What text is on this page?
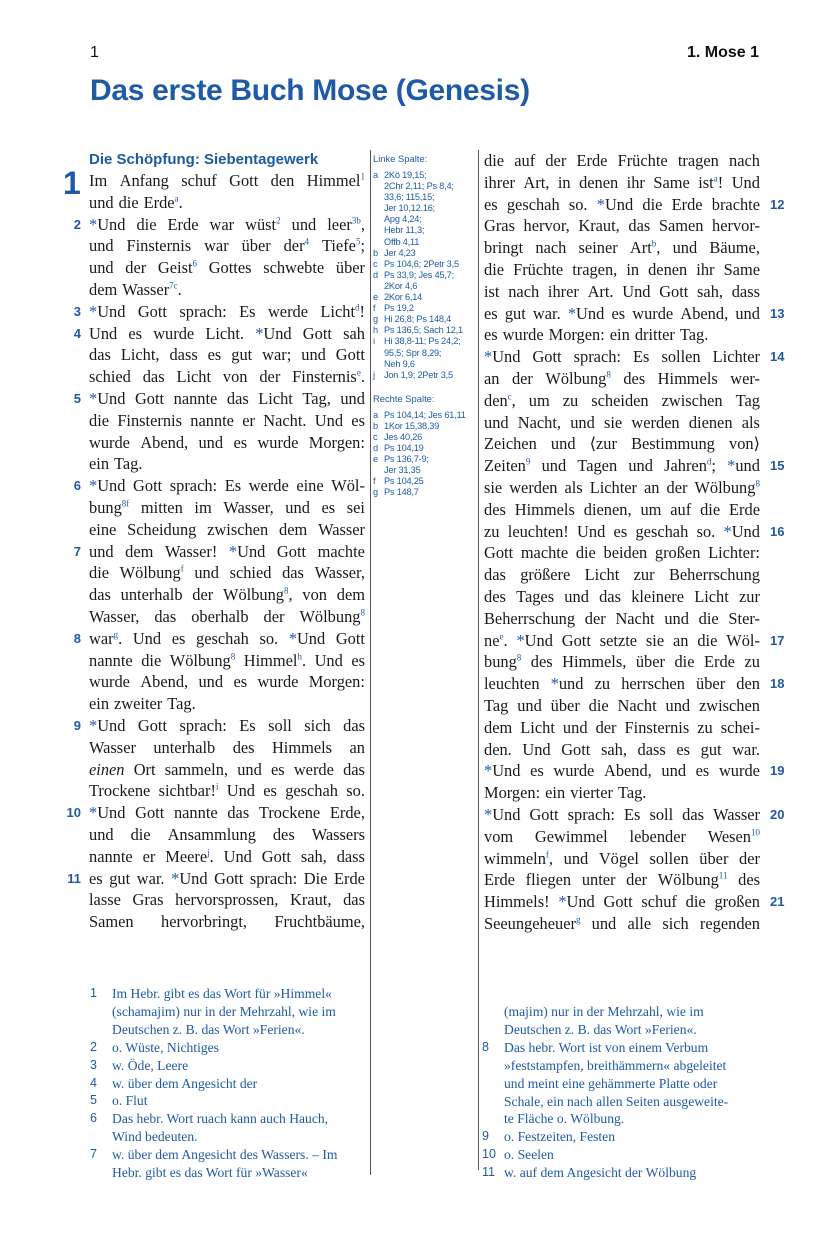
1	1. Mose 1
Das erste Buch Mose (Genesis)
Die Schöpfung: Siebentagewerk
1 Im Anfang schuf Gott den Himmel$^1$
und die Erde$^a$.
2 *Und die Erde war wüst$^2$ und leer$^{3b}$,
und Finsternis war über der$^4$ Tiefe$^5$;
und der Geist$^6$ Gottes schwebte über
dem Wasser$^{7c}$.
3 *Und Gott sprach: Es werde Licht$^d$!
4 Und es wurde Licht. *Und Gott sah
das Licht, dass es gut war; und Gott
schied das Licht von der Finsternis$^e$.
5 *Und Gott nannte das Licht Tag, und
die Finsternis nannte er Nacht. Und es
wurde Abend, und es wurde Morgen:
ein Tag.
6 *Und Gott sprach: Es werde eine Wöl-
bung$^{8f}$ mitten im Wasser, und es sei
eine Scheidung zwischen dem Wasser
7 und dem Wasser! *Und Gott machte
die Wölbung$^f$ und schied das Wasser,
das unterhalb der Wölbung$^8$, von dem
Wasser, das oberhalb der Wölbung$^8$
8 war$^g$. Und es geschah so. *Und Gott
nannte die Wölbung$^8$ Himmel$^h$. Und es
wurde Abend, und es wurde Morgen:
ein zweiter Tag.
9 *Und Gott sprach: Es soll sich das
Wasser unterhalb des Himmels an
einen Ort sammeln, und es werde das
Trockene sichtbar!$^i$ Und es geschah so.
10 *Und Gott nannte das Trockene Erde,
und die Ansammlung des Wassers
nannte er Meere$^j$. Und Gott sah, dass
11 es gut war. *Und Gott sprach: Die Erde
lasse Gras hervorsprossen, Kraut, das
Samen hervorbringt, Fruchtbäume,
Linke Spalte:
a 2Kö 19,15;
2Chr 2,11; Ps 8,4;
33,6; 115,15;
Jer 10,12.16;
Apg 4,24;
Hebr 11,3;
Offb 4,11
b Jer 4,23
c Ps 104,6; 2Petr 3,5
d Ps 33,9; Jes 45,7;
2Kor 4,6
e 2Kor 6,14
f Ps 19,2
g Hi 26,8; Ps 148,4
h Ps 136,5; Sach 12,1
i Hi 38,8-11; Ps 24,2;
95,5; Spr 8,29;
Neh 9,6
j Jon 1,9; 2Petr 3,5
Rechte Spalte:
a Ps 104,14; Jes 61,11
b 1Kor 15,38.39
c Jes 40,26
d Ps 104,19
e Ps 136,7-9;
Jer 31,35
f Ps 104,25
g Ps 148,7
die auf der Erde Früchte tragen nach
ihrer Art, in denen ihr Same ist$^a$! Und
12
es geschah so. *Und die Erde brachte
Gras hervor, Kraut, das Samen hervor-
bringt nach seiner Art$^b$, und Bäume,
die Früchte tragen, in denen ihr Same
ist nach ihrer Art. Und Gott sah, dass
13
es gut war. *Und es wurde Abend, und
es wurde Morgen: ein dritter Tag.
14
*Und Gott sprach: Es sollen Lichter
an der Wölbung$^8$ des Himmels wer-
den$^c$, um zu scheiden zwischen Tag
und Nacht, und sie werden dienen als
Zeichen und ⟨zur Bestimmung von⟩
15
Zeiten$^9$ und Tagen und Jahren$^d$; *und
sie werden als Lichter an der Wölbung$^8$
des Himmels dienen, um auf die Erde
16
zu leuchten! Und es geschah so. *Und
Gott machte die beiden großen Lichter:
das größere Licht zur Beherrschung
des Tages und das kleinere Licht zur
Beherrschung der Nacht und die Ster-
17
$ne^e$. *Und Gott setzte sie an die Wöl-
bung$^8$ des Himmels, über die Erde zu
18
leuchten *und zu herrschen über den
Tag und über die Nacht und zwischen
dem Licht und der Finsternis zu schei-
den. Und Gott sah, dass es gut war.
19
*Und es wurde Abend, und es wurde
Morgen: ein vierter Tag.
20
*Und Gott sprach: Es soll das Wasser
vom Gewimmel lebender Wesen$^{10}$
wimmeln$^f$, und Vögel sollen über der
Erde fliegen unter der Wölbung$^{11}$ des
21
Himmels! *Und Gott schuf die großen
Seeungeheuer$^g$ und alle sich regenden
1	Im Hebr. gibt es das Wort für »Himmel«
(schamajim) nur in der Mehrzahl, wie im
Deutschen z. B. das Wort »Ferien«.
2	o. Wüste, Nichtiges
3	w. Öde, Leere
4	w. über dem Angesicht der
5	o. Flut
6	Das hebr. Wort ruach kann auch Hauch,
Wind bedeuten.
7	w. über dem Angesicht des Wassers. – Im
Hebr. gibt es das Wort für »Wasser«
(majim) nur in der Mehrzahl, wie im
Deutschen z. B. das Wort »Ferien«.
8	Das hebr. Wort ist von einem Verbum
»feststampfen, breithämmern« abgeleitet
und meint eine gehämmerte Platte oder
Schale, ein nach allen Seiten ausgeweite-
te Fläche o. Wölbung.
9	o. Festzeiten, Festen
10 o. Seelen
11 w. auf dem Angesicht der Wölbung
